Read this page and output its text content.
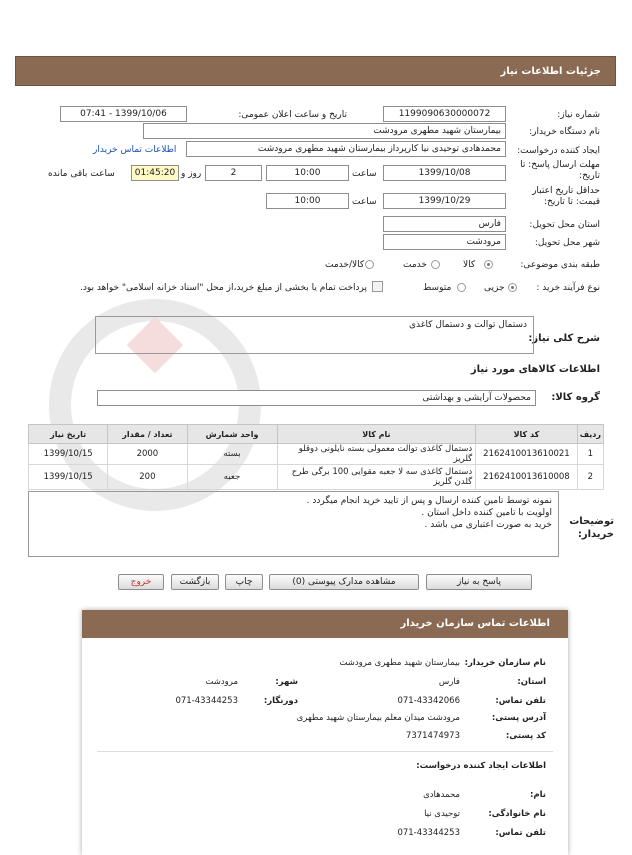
جزئیات اطلاعات نیاز
شماره نیاز:
1199090630000072
تاریخ و ساعت اعلان عمومی:
1399/10/06 - 07:41
نام دستگاه خریدار:
بیمارستان شهید مطهری مرودشت
ایجاد کننده درخواست:
محمدهادی توحیدی نیا کارپرداز بیمارستان شهید مطهری مرودشت
اطلاعات تماس خریدار
مهلت ارسال پاسخ: تا تاریخ:
1399/10/08
ساعت
10:00
2
روز و
01:45:20
ساعت باقی مانده
حداقل تاریخ اعتبار قیمت: تا تاریخ:
1399/10/29
ساعت
10:00
استان محل تحویل:
فارس
شهر محل تحویل:
مرودشت
طبقه بندی موضوعی:
کالا
خدمت
کالا/خدمت
نوع فرآیند خرید :
جزیی
متوسط
پرداخت تمام یا بخشی از مبلغ خرید،از محل "اسناد خزانه اسلامی" خواهد بود.
شرح کلی نیاز:
دستمال توالت و دستمال کاغذی
اطلاعات کالاهای مورد نیاز
گروه کالا:
محصولات آرایشی و بهداشتی
ردیف	کد کالا	نام کالا	واحد شمارش	تعداد / مقدار	تاریخ نیاز
1	2162410013610021	دستمال کاغذی توالت معمولی بسته نایلونی دوقلو گلریز	بسته	2000	1399/10/15
2	2162410013610008	دستمال کاغذی سه لا جعبه مقوایی 100 برگی طرح گلدن گلریز	جعبه	200	1399/10/15
توضیحات خریدار:
نمونه توسط تامین کننده ارسال و پس از تایید خرید انجام میگردد .
اولویت با تامین کننده داخل استان .
خرید به صورت اعتباری می باشد .
پاسخ به نیاز
مشاهده مدارک پیوستی (0)
چاپ
بازگشت
خروج
اطلاعات تماس سازمان خریدار
نام سازمان خریدار:
بیمارستان شهید مطهری مرودشت
استان:
فارس
شهر:
مرودشت
تلفن تماس:
071-43342066
دورنگار:
071-43344253
آدرس پستی:
مرودشت میدان معلم بیمارستان شهید مطهری
کد پستی:
7371474973
اطلاعات ایجاد کننده درخواست:
نام:
محمدهادی
نام خانوادگی:
توحیدی نیا
تلفن تماس:
071-43344253
